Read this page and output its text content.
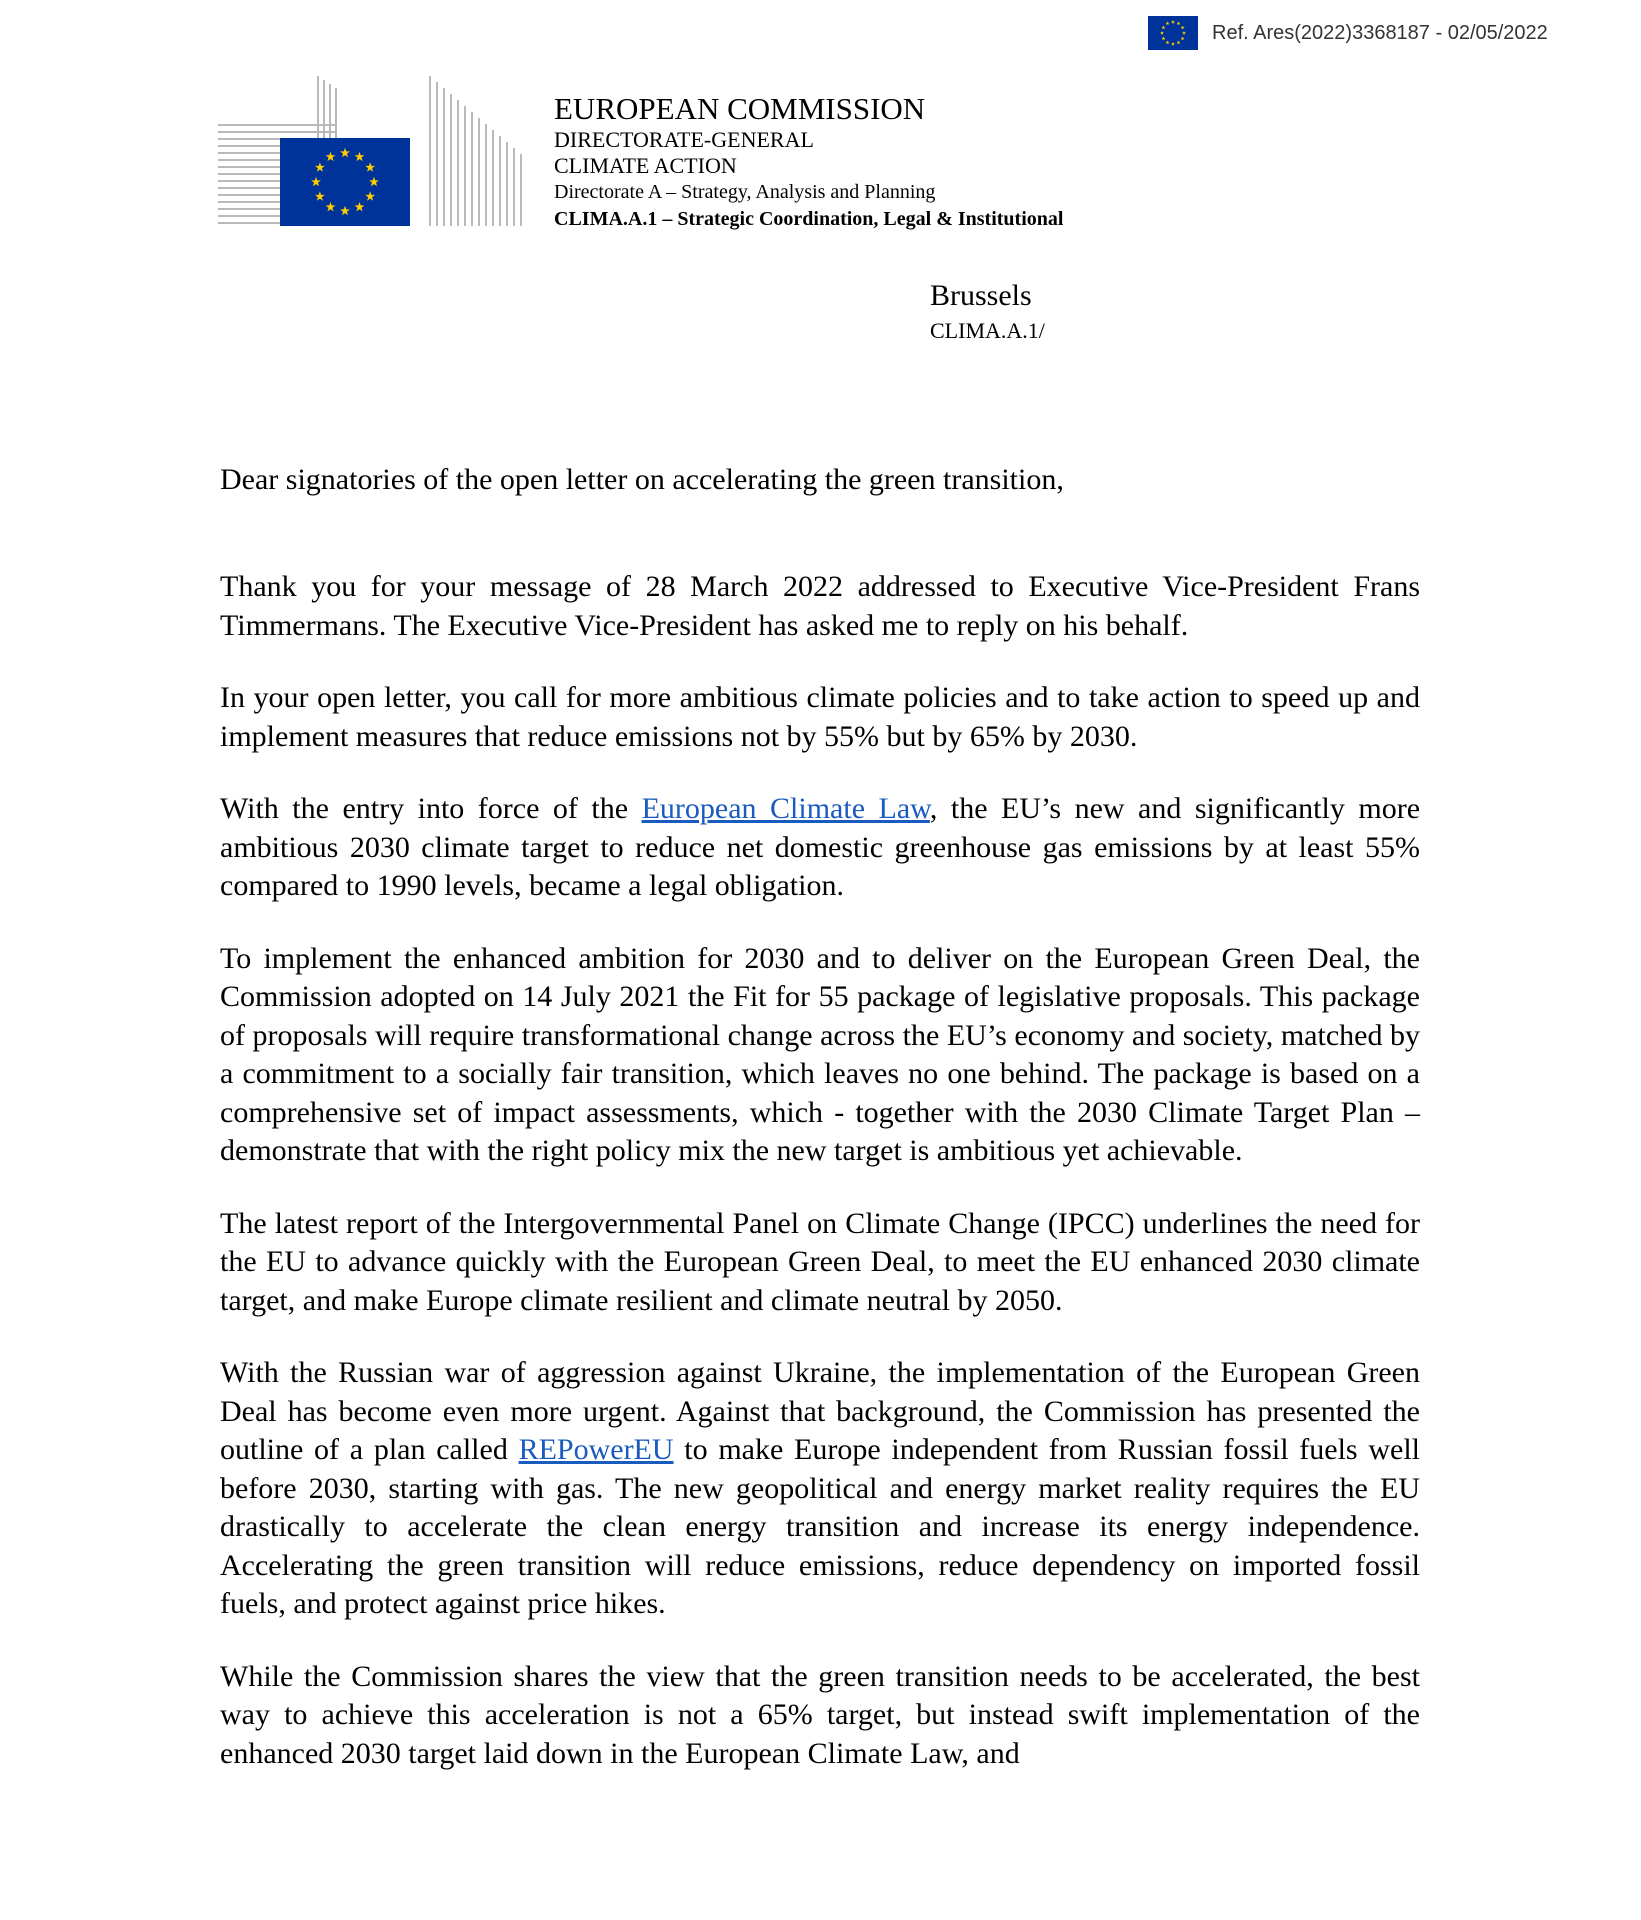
Ref. Ares(2022)3368187 - 02/05/2022
EUROPEAN COMMISSION
DIRECTORATE-GENERAL
CLIMATE ACTION
Directorate A – Strategy, Analysis and Planning
CLIMA.A.1 – Strategic Coordination, Legal & Institutional
Brussels
CLIMA.A.1/
Dear signatories of the open letter on accelerating the green transition,

Thank you for your message of 28 March 2022 addressed to Executive Vice-President Frans Timmermans. The Executive Vice-President has asked me to reply on his behalf.

In your open letter, you call for more ambitious climate policies and to take action to speed up and implement measures that reduce emissions not by 55% but by 65% by 2030.

With the entry into force of the European Climate Law, the EU’s new and significantly more ambitious 2030 climate target to reduce net domestic greenhouse gas emissions by at least 55% compared to 1990 levels, became a legal obligation.

To implement the enhanced ambition for 2030 and to deliver on the European Green Deal, the Commission adopted on 14 July 2021 the Fit for 55 package of legislative proposals. This package of proposals will require transformational change across the EU’s economy and society, matched by a commitment to a socially fair transition, which leaves no one behind. The package is based on a comprehensive set of impact assessments, which - together with the 2030 Climate Target Plan – demonstrate that with the right policy mix the new target is ambitious yet achievable.

The latest report of the Intergovernmental Panel on Climate Change (IPCC) underlines the need for the EU to advance quickly with the European Green Deal, to meet the EU enhanced 2030 climate target, and make Europe climate resilient and climate neutral by 2050.

With the Russian war of aggression against Ukraine, the implementation of the European Green Deal has become even more urgent. Against that background, the Commission has presented the outline of a plan called REPowerEU to make Europe independent from Russian fossil fuels well before 2030, starting with gas. The new geopolitical and energy market reality requires the EU drastically to accelerate the clean energy transition and increase its energy independence. Accelerating the green transition will reduce emissions, reduce dependency on imported fossil fuels, and protect against price hikes.

While the Commission shares the view that the green transition needs to be accelerated, the best way to achieve this acceleration is not a 65% target, but instead swift implementation of the enhanced 2030 target laid down in the European Climate Law, and
